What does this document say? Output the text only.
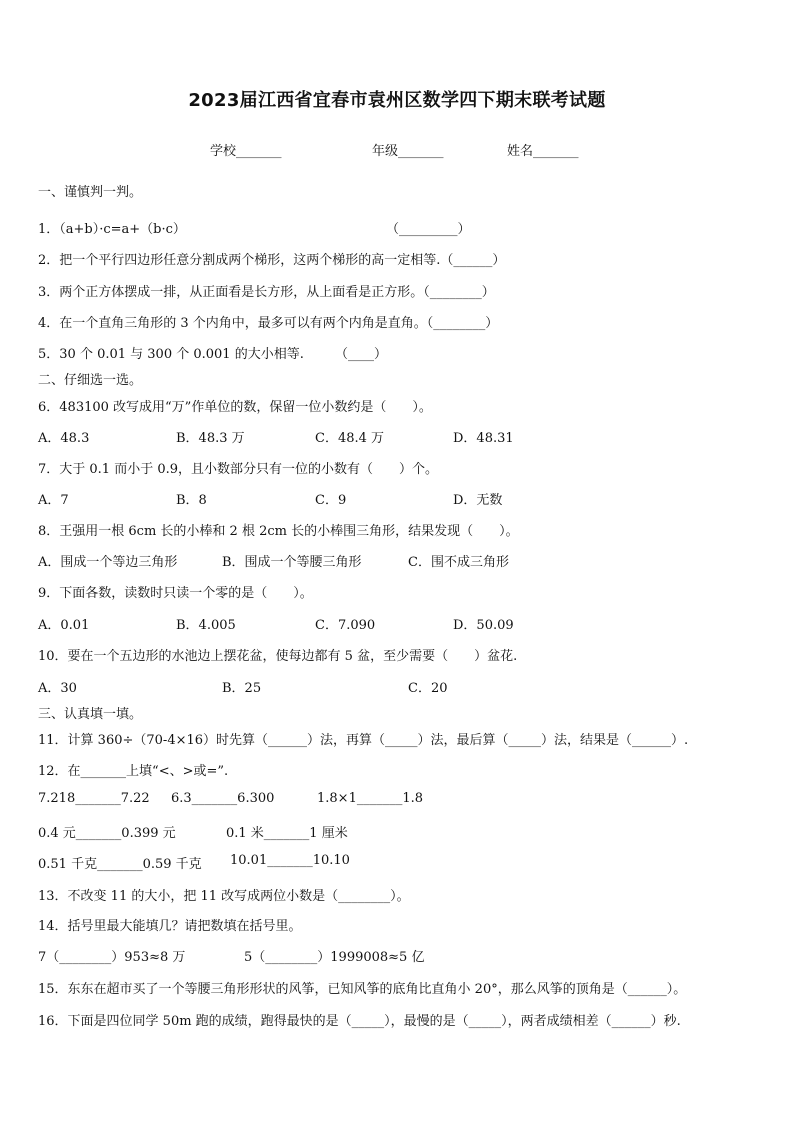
2023届江西省宜春市袁州区数学四下期末联考试题
学校_______	年级_______	姓名_______
一、谨慎判一判。
1．（a+b）·c=a+（b·c）	（_________）
2．把一个平行四边形任意分割成两个梯形，这两个梯形的高一定相等.（______）
3．两个正方体摆成一排，从正面看是长方形，从上面看是正方形。（________）
4．在一个直角三角形的 3 个内角中，最多可以有两个内角是直角。（________）
5．30 个 0.01 与 300 个 0.001 的大小相等. （____）
二、仔细选一选。
6．483100 改写成用“万”作单位的数，保留一位小数约是（　　）。
A．48.3	B．48.3 万	C．48.4 万	D．48.31
7．大于 0.1 而小于 0.9，且小数部分只有一位的小数有（　　）个。
A．7	B．8	C．9	D．无数
8．王强用一根 6cm 长的小棒和 2 根 2cm 长的小棒围三角形，结果发现（　　）。
A．围成一个等边三角形	B．围成一个等腰三角形	C．围不成三角形
9．下面各数，读数时只读一个零的是（　　）。
A．0.01	B．4.005	C．7.090	D．50.09
10．要在一个五边形的水池边上摆花盆，使每边都有 5 盆，至少需要（　　）盆花.
A．30	B．25	C．20
三、认真填一填。
11．计算 360÷（70-4×16）时先算（______）法，再算（_____）法，最后算（_____）法，结果是（______）.
12．在_______上填“<、>或=”.
7.218_______7.22 6.3_______6.300	1.8×1_______1.8
0.4 元_______0.399 元	0.1 米_______1 厘米
0.51 千克_______0.59 千克 10.01_______10.10
13．不改变 11 的大小，把 11 改写成两位小数是（________）。
14．括号里最大能填几？请把数填在括号里。
7（________）953≈8 万	5（________）1999008≈5 亿
15．东东在超市买了一个等腰三角形形状的风筝，已知风筝的底角比直角小 20°，那么风筝的顶角是（______）。
16．下面是四位同学 50m 跑的成绩，跑得最快的是（_____），最慢的是（_____），两者成绩相差（______）秒.
